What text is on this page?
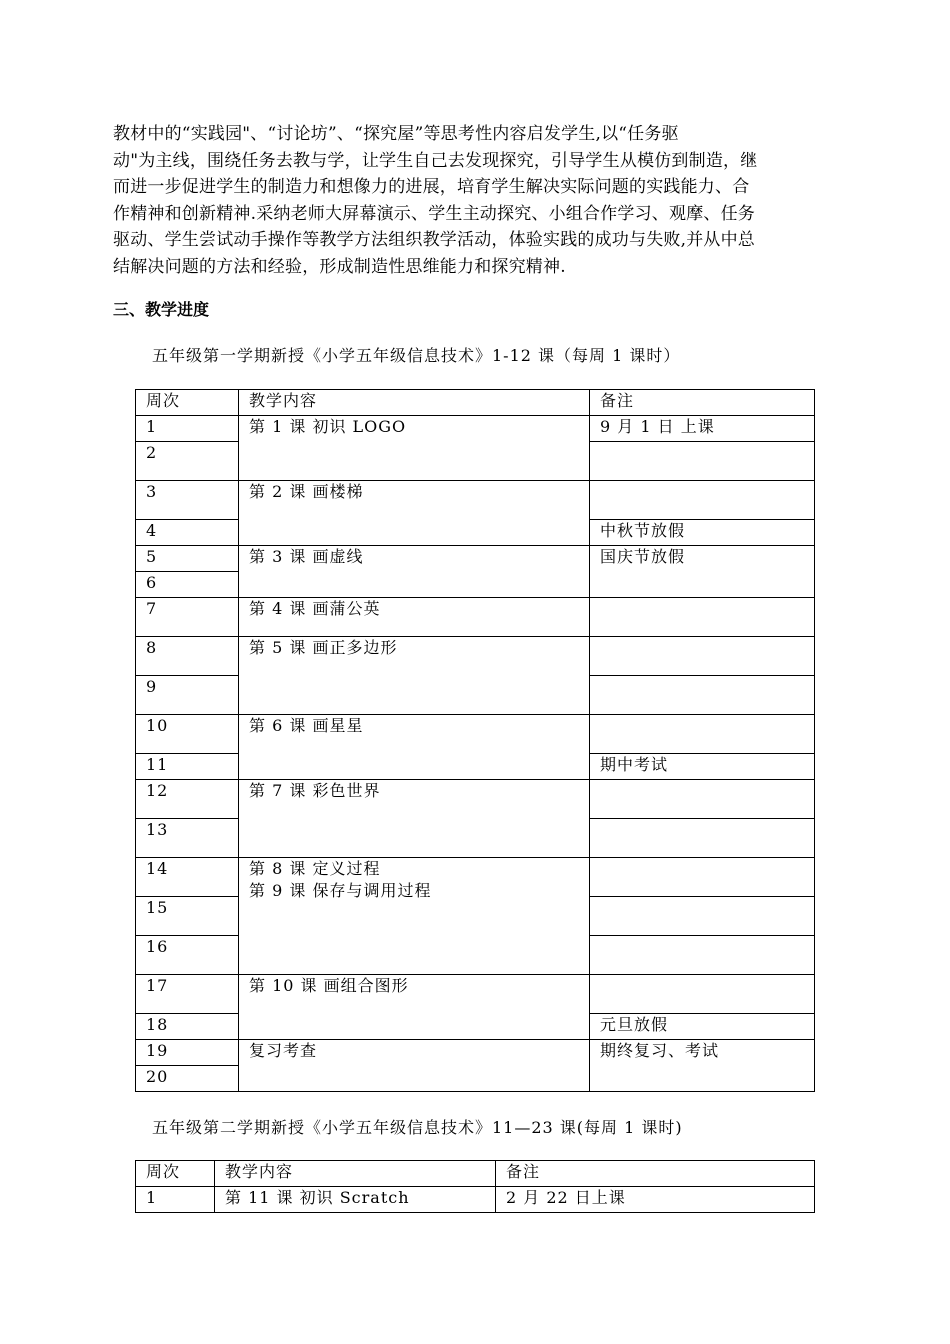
教材中的“实践园"、“讨论坊”、“探究屋”等思考性内容启发学生,以“任务驱
动"为主线，围绕任务去教与学，让学生自己去发现探究，引导学生从模仿到制造，继
而进一步促进学生的制造力和想像力的进展，培育学生解决实际问题的实践能力、合
作精神和创新精神.采纳老师大屏幕演示、学生主动探究、小组合作学习、观摩、任务
驱动、学生尝试动手操作等教学方法组织教学活动，体验实践的成功与失败,并从中总
结解决问题的方法和经验，形成制造性思维能力和探究精神.
三、教学进度
五年级第一学期新授《小学五年级信息技术》1-12 课（每周 1 课时）
周次	教学内容	备注
1	第 1 课 初识 LOGO	9 月 1 日 上课
2		
3	第 2 课 画楼梯	
4		中秋节放假
5	第 3 课 画虚线	国庆节放假
6		
7	第 4 课 画蒲公英	
8	第 5 课 画正多边形	
9		
10	第 6 课 画星星	
11		期中考试
12	第 7 课 彩色世界	
13		
14	第 8 课 定义过程
第 9 课 保存与调用过程	

15		
16		
17	第 10 课 画组合图形	
18		元旦放假
19	复习考查	期终复习、考试
20		
五年级第二学期新授《小学五年级信息技术》11—23 课(每周 1 课时)
周次	教学内容	备注
1	第 11 课 初识 Scratch	2 月 22 日上课
